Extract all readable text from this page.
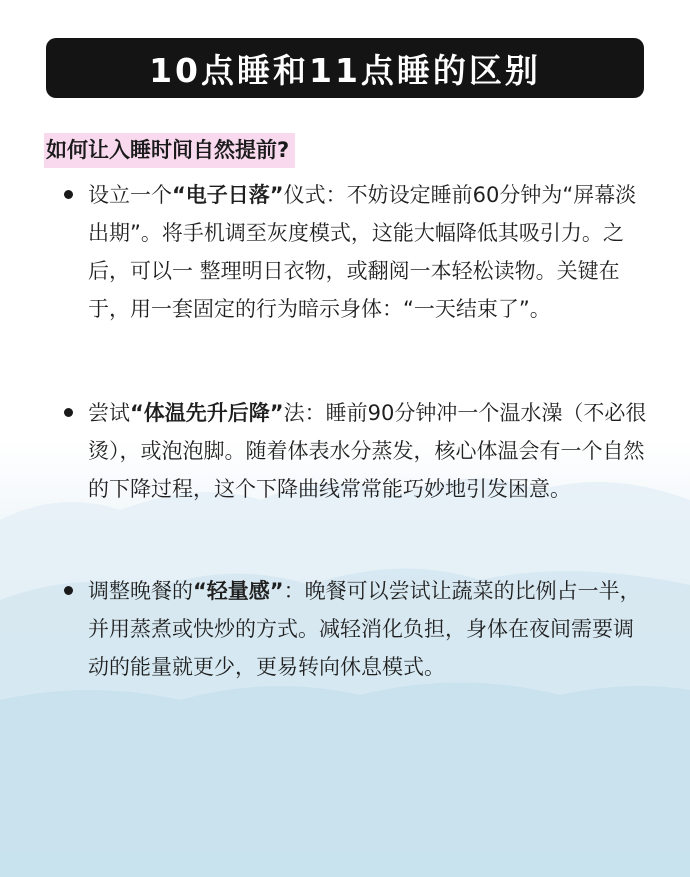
10点睡和11点睡的区别
如何让入睡时间自然提前?
设立一个“电子日落”仪式：不妨设定睡前60分钟为“屏幕淡出期”。将手机调至灰度模式，这能大幅降低其吸引力。之后，可以一 整理明日衣物，或翻阅一本轻松读物。关键在于，用一套固定的行为暗示身体：“一天结束了”。
尝试“体温先升后降”法：睡前90分钟冲一个温水澡（不必很烫），或泡泡脚。随着体表水分蒸发，核心体温会有一个自然的下降过程，这个下降曲线常常能巧妙地引发困意。
调整晚餐的“轻量感”：晚餐可以尝试让蔬菜的比例占一半，并用蒸煮或快炒的方式。减轻消化负担，身体在夜间需要调动的能量就更少，更易转向休息模式。
